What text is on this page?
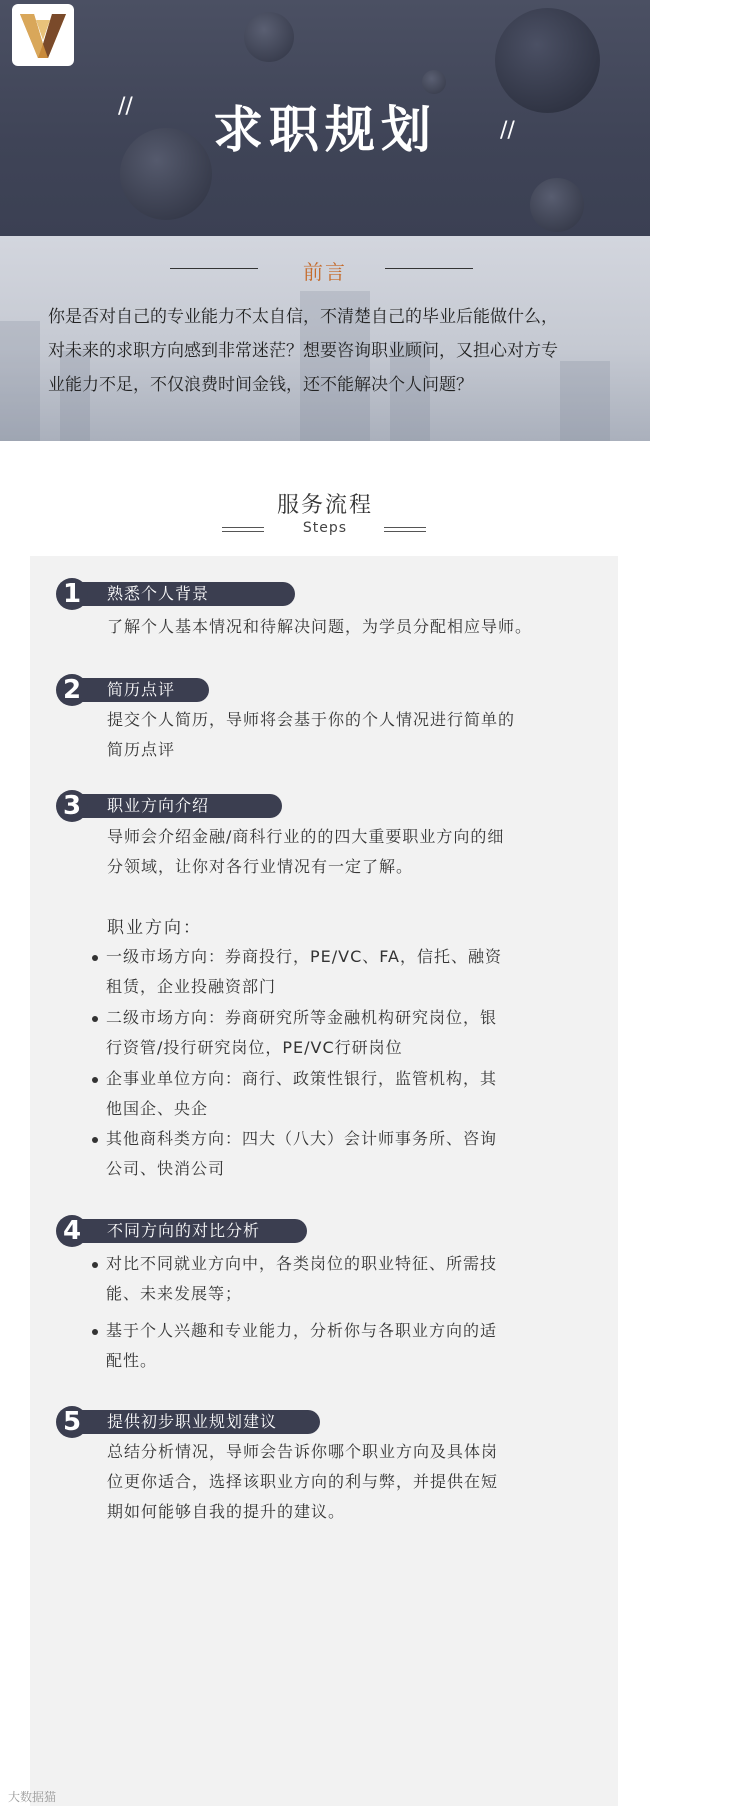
//
//
求职规划
前言
你是否对自己的专业能力不太自信，不清楚自己的毕业后能做什么，
对未来的求职方向感到非常迷茫？想要咨询职业顾问，又担心对方专
业能力不足，不仅浪费时间金钱，还不能解决个人问题？
服务流程
Steps
1	熟悉个人背景
了解个人基本情况和待解决问题，为学员分配相应导师。
2	简历点评
提交个人简历，导师将会基于你的个人情况进行简单的
简历点评
3	职业方向介绍
导师会介绍金融/商科行业的的四大重要职业方向的细
分领域，让你对各行业情况有一定了解。
职业方向：
一级市场方向：券商投行，PE/VC、FA，信托、融资
租赁，企业投融资部门
二级市场方向：券商研究所等金融机构研究岗位，银
行资管/投行研究岗位，PE/VC行研岗位
企事业单位方向：商行、政策性银行，监管机构，其
他国企、央企
其他商科类方向：四大（八大）会计师事务所、咨询
公司、快消公司
4	不同方向的对比分析
对比不同就业方向中，各类岗位的职业特征、所需技
能、未来发展等；
基于个人兴趣和专业能力，分析你与各职业方向的适
配性。
5	提供初步职业规划建议
总结分析情况，导师会告诉你哪个职业方向及具体岗
位更你适合，选择该职业方向的利与弊，并提供在短
期如何能够自我的提升的建议。
大数据猫
